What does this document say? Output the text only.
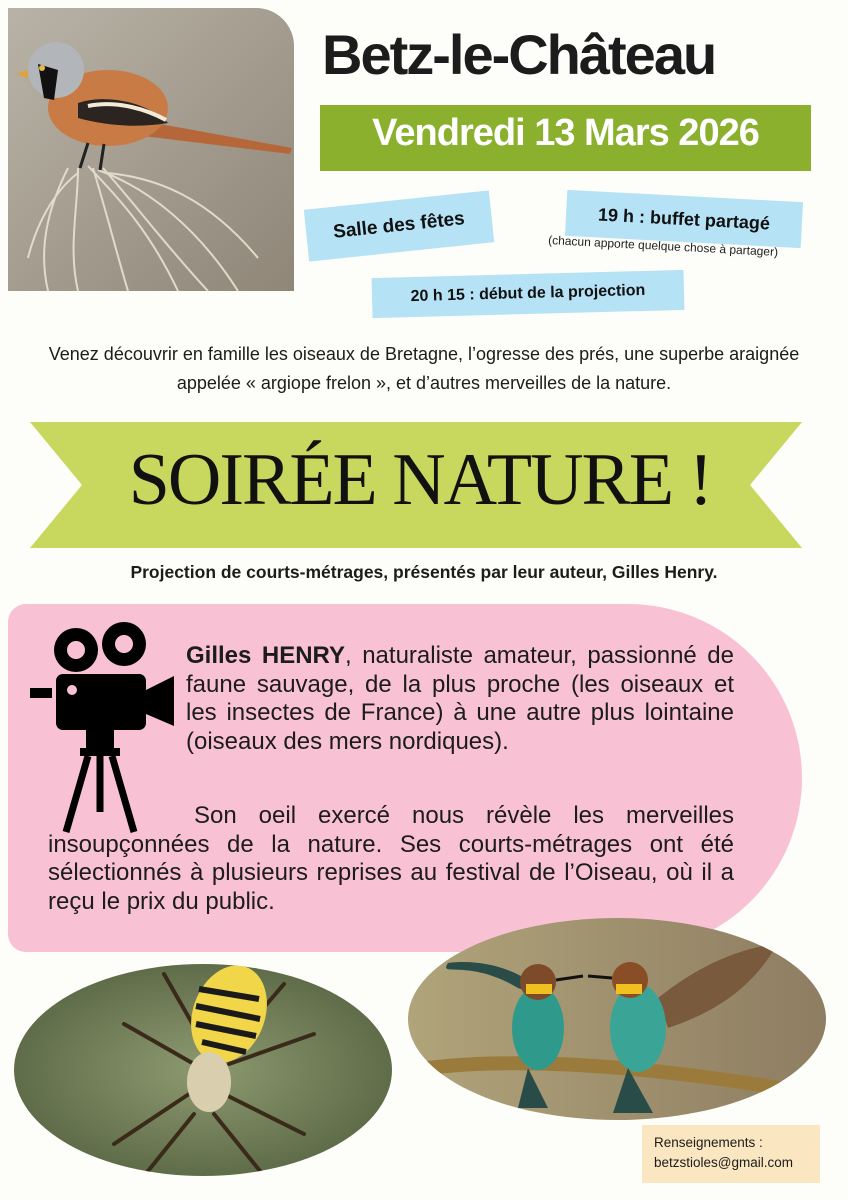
Betz-le-Château
Vendredi 13 Mars 2026
Salle des fêtes	19 h : buffet partagé
(chacun apporte quelque chose à partager)
20 h 15 : début de la projection
Venez découvrir en famille les oiseaux de Bretagne, l’ogresse des prés, une superbe araignée appelée « argiope frelon », et d’autres merveilles de la nature.
SOIRÉE NATURE !
Projection de courts-métrages, présentés par leur auteur, Gilles Henry.
Gilles HENRY, naturaliste amateur, passionné de faune sauvage, de la plus proche (les oiseaux et les insectes de France) à une autre plus lointaine (oiseaux des mers nordiques).
Son oeil exercé nous révèle les merveilles insoupçonnées de la nature. Ses courts-métrages ont été sélectionnés à plusieurs reprises au festival de l’Oiseau, où il a reçu le prix du public.
Renseignements :
betzstioles@gmail.com
